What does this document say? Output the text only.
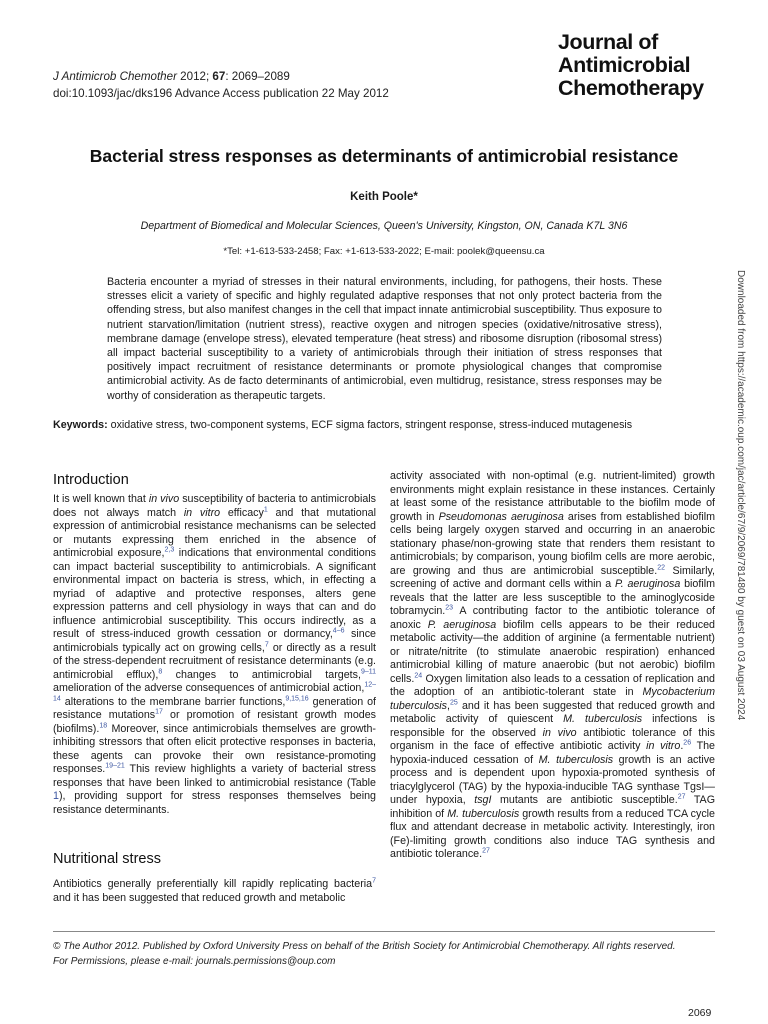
J Antimicrob Chemother 2012; 67: 2069–2089
doi:10.1093/jac/dks196 Advance Access publication 22 May 2012
Journal of
Antimicrobial
Chemotherapy
Bacterial stress responses as determinants of antimicrobial resistance
Keith Poole*
Department of Biomedical and Molecular Sciences, Queen's University, Kingston, ON, Canada K7L 3N6
*Tel: +1-613-533-2458; Fax: +1-613-533-2022; E-mail: poolek@queensu.ca
Bacteria encounter a myriad of stresses in their natural environments, including, for pathogens, their hosts. These stresses elicit a variety of specific and highly regulated adaptive responses that not only protect bacteria from the offending stress, but also manifest changes in the cell that impact innate antimicrobial susceptibility. Thus exposure to nutrient starvation/limitation (nutrient stress), reactive oxygen and nitrogen species (oxidative/nitrosative stress), membrane damage (envelope stress), elevated temperature (heat stress) and ribosome disruption (ribosomal stress) all impact bacterial susceptibility to a variety of antimicrobials through their initiation of stress responses that positively impact recruitment of resistance determinants or promote physiological changes that compromise antimicrobial activity. As de facto determinants of antimicrobial, even multidrug, resistance, stress responses may be worthy of consideration as therapeutic targets.
Keywords: oxidative stress, two-component systems, ECF sigma factors, stringent response, stress-induced mutagenesis	Downloaded from https://academic.oup.com/jac/article/67/9/2069/781480 by guest on 03 August 2024
Introduction

It is well known that in vivo susceptibility of bacteria to antimicrobials does not always match in vitro efficacy$^1$ and that mutational expression of antimicrobial resistance mechanisms can be selected or mutants expressing them enriched in the absence of antimicrobial exposure,$^{2,3}$ indications that environmental conditions can impact bacterial susceptibility to antimicrobials. A significant environmental impact on bacteria is stress, which, in effecting a myriad of adaptive and protective responses, alters gene expression patterns and cell physiology in ways that can and do influence antimicrobial susceptibility. This occurs indirectly, as a result of stress-induced growth cessation or dormancy,$^{4-6}$ since antimicrobials typically act on growing cells,$^7$ or directly as a result of the stress-dependent recruitment of resistance determinants (e.g. antimicrobial efflux),$^8$ changes to antimicrobial targets,$^{9-11}$ amelioration of the adverse consequences of antimicrobial action,$^{12-14}$ alterations to the membrane barrier functions,$^{9,15,16}$ generation of resistance mutations$^{17}$ or promotion of resistant growth modes (biofilms).$^{18}$ Moreover, since antimicrobials themselves are growth-inhibiting stressors that often elicit protective responses in bacteria, these agents can provoke their own resistance-promoting responses.$^{19-21}$ This review highlights a variety of bacterial stress responses that have been linked to antimicrobial resistance (Table 1), providing support for stress responses themselves being resistance determinants.

Nutritional stress

Antibiotics generally preferentially kill rapidly replicating bacteria$^7$ and it has been suggested that reduced growth and metabolic

activity associated with non-optimal (e.g. nutrient-limited) growth environments might explain resistance in these instances. Certainly at least some of the resistance attributable to the biofilm mode of growth in Pseudomonas aeruginosa arises from established biofilm cells being largely oxygen starved and occurring in an anaerobic stationary phase/non-growing state that renders them resistant to antimicrobials; by comparison, young biofilm cells are more aerobic, are growing and thus are antimicrobial susceptible.$^{22}$ Similarly, screening of active and dormant cells within a P. aeruginosa biofilm reveals that the latter are less susceptible to the aminoglycoside tobramycin.$^{23}$ A contributing factor to the antibiotic tolerance of anoxic P. aeruginosa biofilm cells appears to be their reduced metabolic activity—the addition of arginine (a fermentable nutrient) or nitrate/nitrite (to stimulate anaerobic respiration) enhanced antimicrobial killing of mature anaerobic (but not aerobic) biofilm cells.$^{24}$ Oxygen limitation also leads to a cessation of replication and the adoption of an antibiotic-tolerant state in Mycobacterium tuberculosis,$^{25}$ and it has been suggested that reduced growth and metabolic activity of quiescent M. tuberculosis infections is responsible for the observed in vivo antibiotic tolerance of this organism in the face of effective antibiotic activity in vitro.$^{26}$ The hypoxia-induced cessation of M. tuberculosis growth is an active process and is dependent upon hypoxia-promoted synthesis of triacylglycerol (TAG) by the hypoxia-inducible TAG synthase TgsI—under hypoxia, tsgI mutants are antibiotic susceptible.$^{27}$ TAG inhibition of M. tuberculosis growth results from a reduced TCA cycle flux and attendant decrease in metabolic activity. Interestingly, iron (Fe)-limiting growth conditions also induce TAG synthesis and antibiotic tolerance.$^{27}$

© The Author 2012. Published by Oxford University Press on behalf of the British Society for Antimicrobial Chemotherapy. All rights reserved.
For Permissions, please e-mail: journals.permissions@oup.com
2069
